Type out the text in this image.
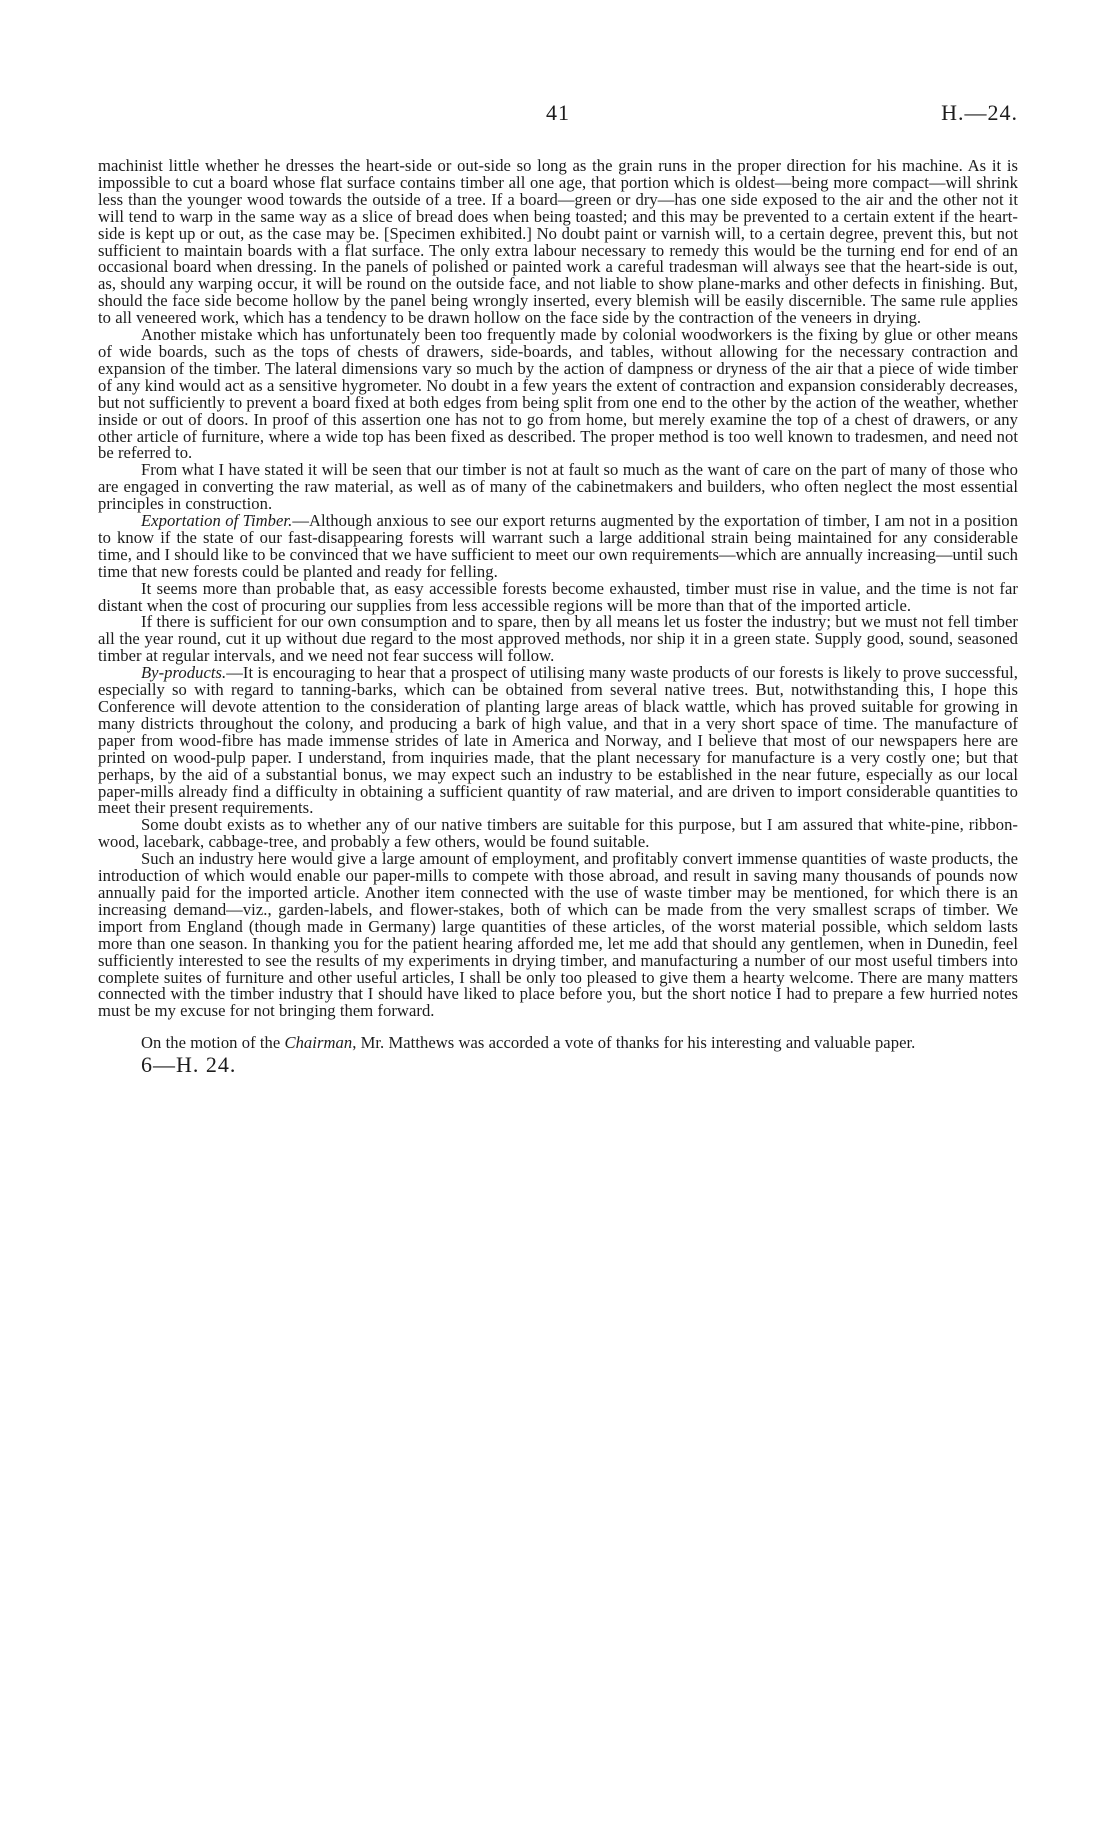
41	H.—24.

machinist little whether he dresses the heart-side or out-side so long as the grain runs in the proper direction for his machine. As it is impossible to cut a board whose flat surface contains timber all one age, that portion which is oldest—being more compact—will shrink less than the younger wood towards the outside of a tree. If a board—green or dry—has one side exposed to the air and the other not it will tend to warp in the same way as a slice of bread does when being toasted; and this may be prevented to a certain extent if the heart-side is kept up or out, as the case may be. [Specimen exhibited.] No doubt paint or varnish will, to a certain degree, prevent this, but not sufficient to maintain boards with a flat surface. The only extra labour necessary to remedy this would be the turning end for end of an occasional board when dressing. In the panels of polished or painted work a careful tradesman will always see that the heart-side is out, as, should any warping occur, it will be round on the outside face, and not liable to show plane-marks and other defects in finishing. But, should the face side become hollow by the panel being wrongly inserted, every blemish will be easily discernible. The same rule applies to all veneered work, which has a tendency to be drawn hollow on the face side by the contraction of the veneers in drying.

Another mistake which has unfortunately been too frequently made by colonial woodworkers is the fixing by glue or other means of wide boards, such as the tops of chests of drawers, side-boards, and tables, without allowing for the necessary contraction and expansion of the timber. The lateral dimensions vary so much by the action of dampness or dryness of the air that a piece of wide timber of any kind would act as a sensitive hygrometer. No doubt in a few years the extent of contraction and expansion considerably decreases, but not sufficiently to prevent a board fixed at both edges from being split from one end to the other by the action of the weather, whether inside or out of doors. In proof of this assertion one has not to go from home, but merely examine the top of a chest of drawers, or any other article of furniture, where a wide top has been fixed as described. The proper method is too well known to tradesmen, and need not be referred to.

From what I have stated it will be seen that our timber is not at fault so much as the want of care on the part of many of those who are engaged in converting the raw material, as well as of many of the cabinetmakers and builders, who often neglect the most essential principles in construction.

Exportation of Timber.—Although anxious to see our export returns augmented by the exportation of timber, I am not in a position to know if the state of our fast-disappearing forests will warrant such a large additional strain being maintained for any considerable time, and I should like to be convinced that we have sufficient to meet our own requirements—which are annually increasing—until such time that new forests could be planted and ready for felling.

It seems more than probable that, as easy accessible forests become exhausted, timber must rise in value, and the time is not far distant when the cost of procuring our supplies from less accessible regions will be more than that of the imported article.

If there is sufficient for our own consumption and to spare, then by all means let us foster the industry; but we must not fell timber all the year round, cut it up without due regard to the most approved methods, nor ship it in a green state. Supply good, sound, seasoned timber at regular intervals, and we need not fear success will follow.

By-products.—It is encouraging to hear that a prospect of utilising many waste products of our forests is likely to prove successful, especially so with regard to tanning-barks, which can be obtained from several native trees. But, notwithstanding this, I hope this Conference will devote attention to the consideration of planting large areas of black wattle, which has proved suitable for growing in many districts throughout the colony, and producing a bark of high value, and that in a very short space of time. The manufacture of paper from wood-fibre has made immense strides of late in America and Norway, and I believe that most of our newspapers here are printed on wood-pulp paper. I understand, from inquiries made, that the plant necessary for manufacture is a very costly one; but that perhaps, by the aid of a substantial bonus, we may expect such an industry to be established in the near future, especially as our local paper-mills already find a difficulty in obtaining a sufficient quantity of raw material, and are driven to import considerable quantities to meet their present requirements.

Some doubt exists as to whether any of our native timbers are suitable for this purpose, but I am assured that white-pine, ribbon-wood, lacebark, cabbage-tree, and probably a few others, would be found suitable.

Such an industry here would give a large amount of employment, and profitably convert immense quantities of waste products, the introduction of which would enable our paper-mills to compete with those abroad, and result in saving many thousands of pounds now annually paid for the imported article. Another item connected with the use of waste timber may be mentioned, for which there is an increasing demand—viz., garden-labels, and flower-stakes, both of which can be made from the very smallest scraps of timber. We import from England (though made in Germany) large quantities of these articles, of the worst material possible, which seldom lasts more than one season. In thanking you for the patient hearing afforded me, let me add that should any gentlemen, when in Dunedin, feel sufficiently interested to see the results of my experiments in drying timber, and manufacturing a number of our most useful timbers into complete suites of furniture and other useful articles, I shall be only too pleased to give them a hearty welcome. There are many matters connected with the timber industry that I should have liked to place before you, but the short notice I had to prepare a few hurried notes must be my excuse for not bringing them forward.

On the motion of the Chairman, Mr. Matthews was accorded a vote of thanks for his interesting and valuable paper.

6—H. 24.
